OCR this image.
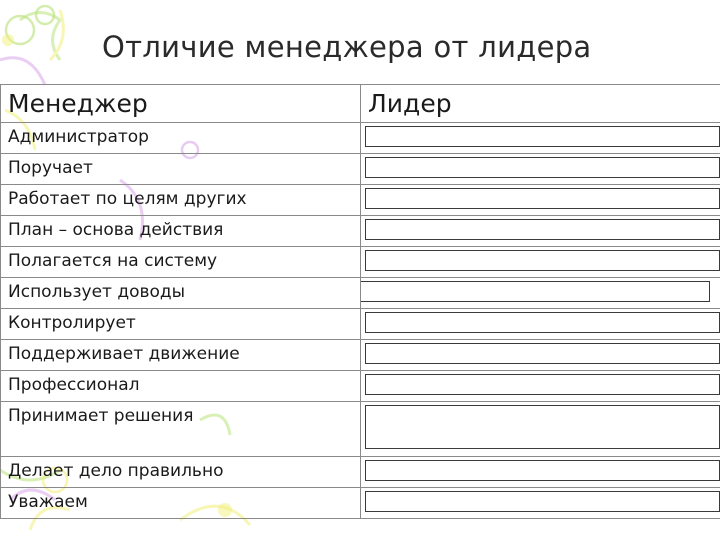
Отличие менеджера от лидера
Менеджер	Лидер
Администратор	

Поручает	

Работает по целям других	

План – основа действия	

Полагается на систему	

Использует доводы	

Контролирует	

Поддерживает движение	

Профессионал	

Принимает решения	

Делает дело правильно	

Уважаем	
